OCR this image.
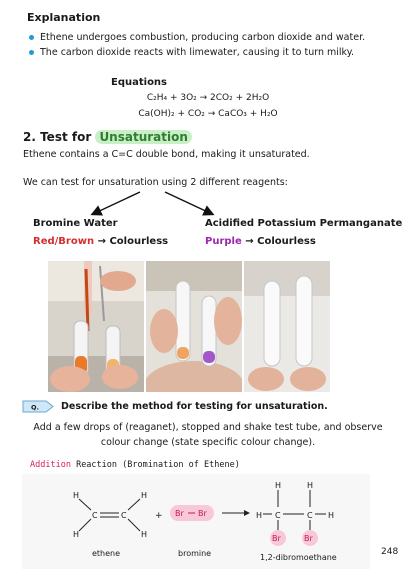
Explanation
Ethene undergoes combustion, producing carbon dioxide and water.
The carbon dioxide reacts with limewater, causing it to turn milky.
Equations
C₂H₄ + 3O₂ → 2CO₂ + 2H₂O
Ca(OH)₂ + CO₂ → CaCO₃ + H₂O
2. Test for Unsaturation
Ethene contains a C=C double bond, making it unsaturated.
We can test for unsaturation using 2 different reagents:
Bromine Water
Red/Brown → Colourless
Acidified Potassium Permanganate
Purple → Colourless
Q. Describe the method for testing for unsaturation.
Add a few drops of (reaganet), stopped and shake test tube, and observe colour change (state specific colour change).
Addition Reaction (Bromination of Ethene)
H	H
H	H
C	C
ethene
+ Br Br
bromine
H	H
H C	C H
Br	Br
1,2-dibromoethane
248
